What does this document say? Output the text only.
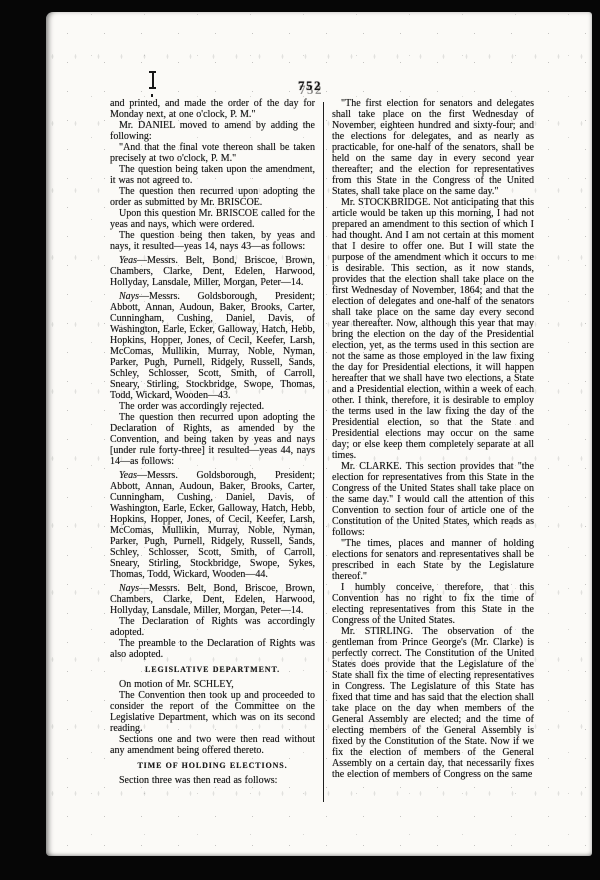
752

and printed, and made the order of the day for Monday next, at one o'clock, P. M."

Mr. DANIEL moved to amend by adding the following:

"And that the final vote thereon shall be taken precisely at two o'clock, P. M."

The question being taken upon the amendment, it was not agreed to.

The question then recurred upon adopting the order as submitted by Mr. BRISCOE.

Upon this question Mr. BRISCOE called for the yeas and nays, which were ordered.

The question being then taken, by yeas and nays, it resulted—yeas 14, nays 43—as follows:

Yeas—Messrs. Belt, Bond, Briscoe, Brown, Chambers, Clarke, Dent, Edelen, Harwood, Hollyday, Lansdale, Miller, Morgan, Peter—14.

Nays—Messrs. Goldsborough, President; Abbott, Annan, Audoun, Baker, Brooks, Carter, Cunningham, Cushing, Daniel, Davis, of Washington, Earle, Ecker, Galloway, Hatch, Hebb, Hopkins, Hopper, Jones, of Cecil, Keefer, Larsh, McComas, Mullikin, Murray, Noble, Nyman, Parker, Pugh, Purnell, Ridgely, Russell, Sands, Schley, Schlosser, Scott, Smith, of Carroll, Sneary, Stirling, Stockbridge, Swope, Thomas, Todd, Wickard, Wooden—43.

The order was accordingly rejected.

The question then recurred upon adopting the Declaration of Rights, as amended by the Convention, and being taken by yeas and nays [under rule forty-three] it resulted—yeas 44, nays 14—as follows:

Yeas—Messrs. Goldsborough, President; Abbott, Annan, Audoun, Baker, Brooks, Carter, Cunningham, Cushing, Daniel, Davis, of Washington, Earle, Ecker, Galloway, Hatch, Hebb, Hopkins, Hopper, Jones, of Cecil, Keefer, Larsh, McComas, Mullikin, Murray, Noble, Nyman, Parker, Pugh, Purnell, Ridgely, Russell, Sands, Schley, Schlosser, Scott, Smith, of Carroll, Sneary, Stirling, Stockbridge, Swope, Sykes, Thomas, Todd, Wickard, Wooden—44.

Nays—Messrs. Belt, Bond, Briscoe, Brown, Chambers, Clarke, Dent, Edelen, Harwood, Hollyday, Lansdale, Miller, Morgan, Peter—14.

The Declaration of Rights was accordingly adopted.

The preamble to the Declaration of Rights was also adopted.

LEGISLATIVE DEPARTMENT.

On motion of Mr. SCHLEY,

The Convention then took up and proceeded to consider the report of the Committee on the Legislative Department, which was on its second reading.

Sections one and two were then read without any amendment being offered thereto.

TIME OF HOLDING ELECTIONS.

Section three was then read as follows:

"The first election for senators and delegates shall take place on the first Wednesday of November, eighteen hundred and sixty-four; and the elections for delegates, and as nearly as practicable, for one-half of the senators, shall be held on the same day in every second year thereafter; and the election for representatives from this State in the Congress of the United States, shall take place on the same day."

Mr. STOCKBRIDGE. Not anticipating that this article would be taken up this morning, I had not prepared an amendment to this section of which I had thought. And I am not certain at this moment that I desire to offer one. But I will state the purpose of the amendment which it occurs to me is desirable. This section, as it now stands, provides that the election shall take place on the first Wednesday of November, 1864; and that the election of delegates and one-half of the senators shall take place on the same day every second year thereafter. Now, although this year that may bring the election on the day of the Presidential election, yet, as the terms used in this section are not the same as those employed in the law fixing the day for Presidential elections, it will happen hereafter that we shall have two elections, a State and a Presidential election, within a week of each other. I think, therefore, it is desirable to employ the terms used in the law fixing the day of the Presidential election, so that the State and Presidential elections may occur on the same day; or else keep them completely separate at all times.

Mr. CLARKE. This section provides that "the election for representatives from this State in the Congress of the United States shall take place on the same day." I would call the attention of this Convention to section four of article one of the Constitution of the United States, which reads as follows:

"The times, places and manner of holding elections for senators and representatives shall be prescribed in each State by the Legislature thereof."

I humbly conceive, therefore, that this Convention has no right to fix the time of electing representatives from this State in the Congress of the United States.

Mr. STIRLING. The observation of the gentleman from Prince George's (Mr. Clarke) is perfectly correct. The Constitution of the United States does provide that the Legislature of the State shall fix the time of electing representatives in Congress. The Legislature of this State has fixed that time and has said that the election shall take place on the day when members of the General Assembly are elected; and the time of electing members of the General Assembly is fixed by the Constitution of the State. Now if we fix the election of members of the General Assembly on a certain day, that necessarily fixes the election of members of Congress on the same
